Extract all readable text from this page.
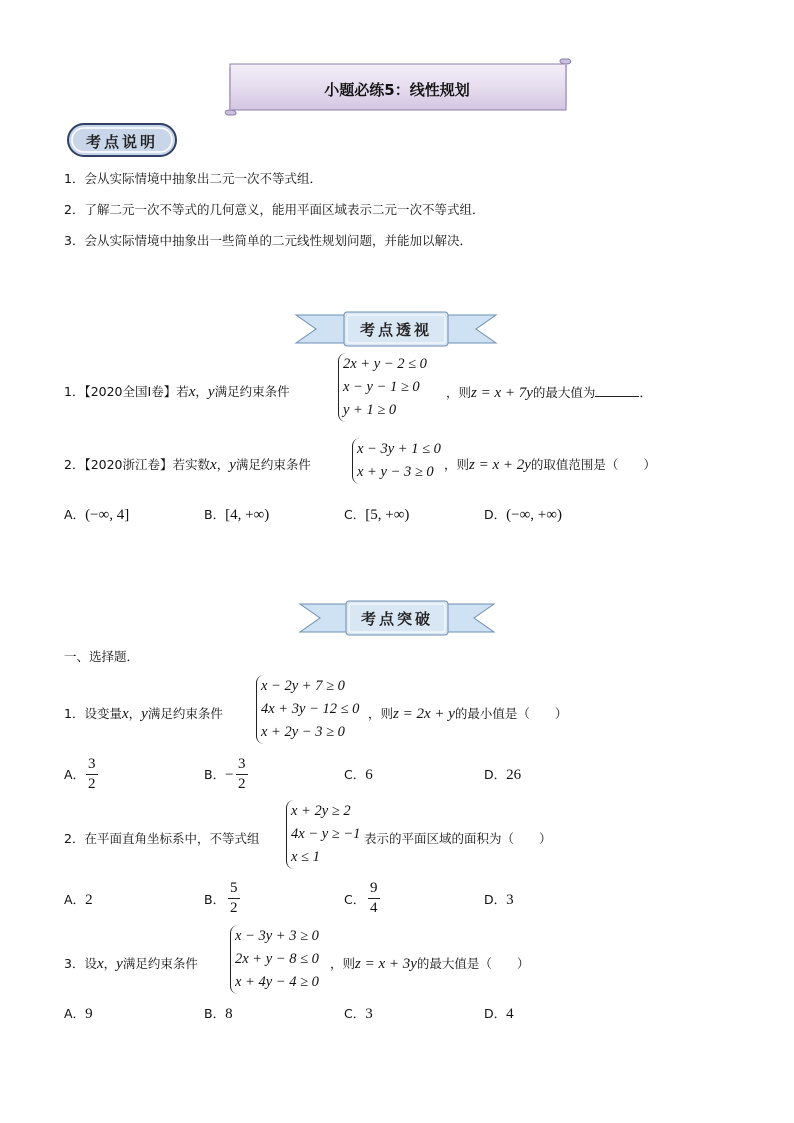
小题必练5：线性规划
考点说明
1．会从实际情境中抽象出二元一次不等式组．
2．了解二元一次不等式的几何意义，能用平面区域表示二元一次不等式组．
3．会从实际情境中抽象出一些简单的二元线性规划问题，并能加以解决．
考点透视
1．【2020全国Ⅰ卷】若x，y满足约束条件
2x + y − 2 ≤ 0
x − y − 1 ≥ 0
y + 1 ≥ 0
，则z = x + 7y的最大值为	．
2．【2020浙江卷】若实数x，y满足约束条件
x − 3y + 1 ≤ 0
x + y − 3 ≥ 0 ，则z = x + 2y的取值范围是（　　）
A．(−∞, 4]	B．[4, +∞)	C．[5, +∞)	D．(−∞, +∞)
考点突破
一、选择题．
1．设变量x，y满足约束条件
x − 2y + 7 ≥ 0
4x + 3y − 12 ≤ 0
x + 2y − 3 ≥ 0
，则z = 2x + y的最小值是（　　）
A． $\frac{3}{2}$	B．− $\frac{3}{2}$	C．6	D．26
2．在平面直角坐标系中，不等式组
x + 2y ≥ 2
4x − y ≥ −1
x ≤ 1
表示的平面区域的面积为（　　）
A．2	B． $\frac{5}{2}$	C． $\frac{9}{4}$	D．3
3．设x，y满足约束条件
x − 3y + 3 ≥ 0
2x + y − 8 ≤ 0
x + 4y − 4 ≥ 0
，则z = x + 3y的最大值是（　　）
A．9	B．8	C．3	D．4
